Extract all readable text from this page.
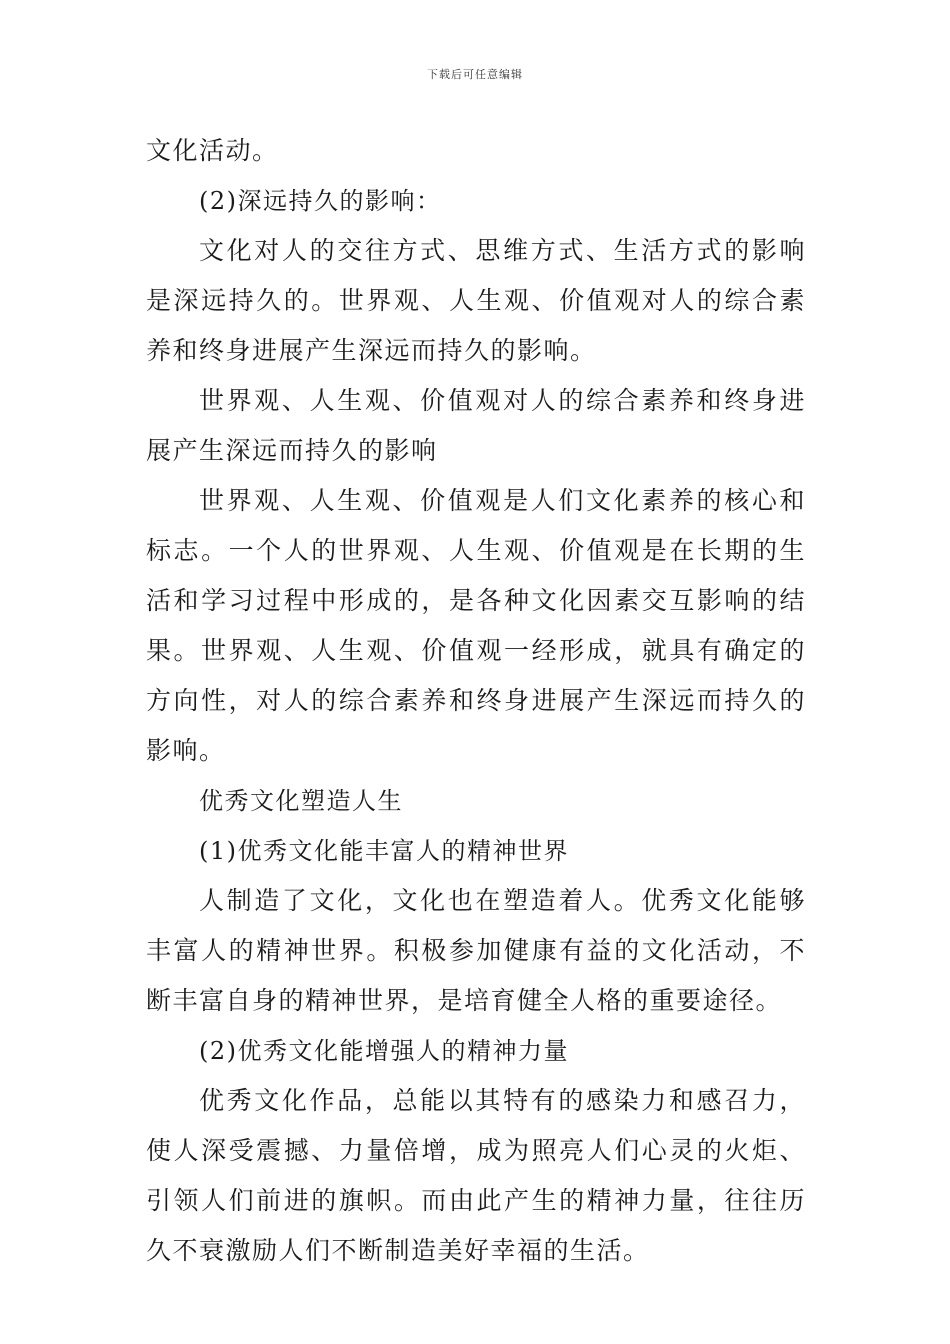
下载后可任意编辑

文化活动。

(2)深远持久的影响：

文化对人的交往方式、思维方式、生活方式的影响是深远持久的。世界观、人生观、价值观对人的综合素养和终身进展产生深远而持久的影响。

世界观、人生观、价值观对人的综合素养和终身进展产生深远而持久的影响

世界观、人生观、价值观是人们文化素养的核心和标志。一个人的世界观、人生观、价值观是在长期的生活和学习过程中形成的，是各种文化因素交互影响的结果。世界观、人生观、价值观一经形成，就具有确定的方向性，对人的综合素养和终身进展产生深远而持久的影响。

优秀文化塑造人生

(1)优秀文化能丰富人的精神世界

人制造了文化，文化也在塑造着人。优秀文化能够丰富人的精神世界。积极参加健康有益的文化活动，不断丰富自身的精神世界，是培育健全人格的重要途径。

(2)优秀文化能增强人的精神力量

优秀文化作品，总能以其特有的感染力和感召力，使人深受震撼、力量倍增，成为照亮人们心灵的火炬、引领人们前进的旗帜。而由此产生的精神力量，往往历久不衰激励人们不断制造美好幸福的生活。
